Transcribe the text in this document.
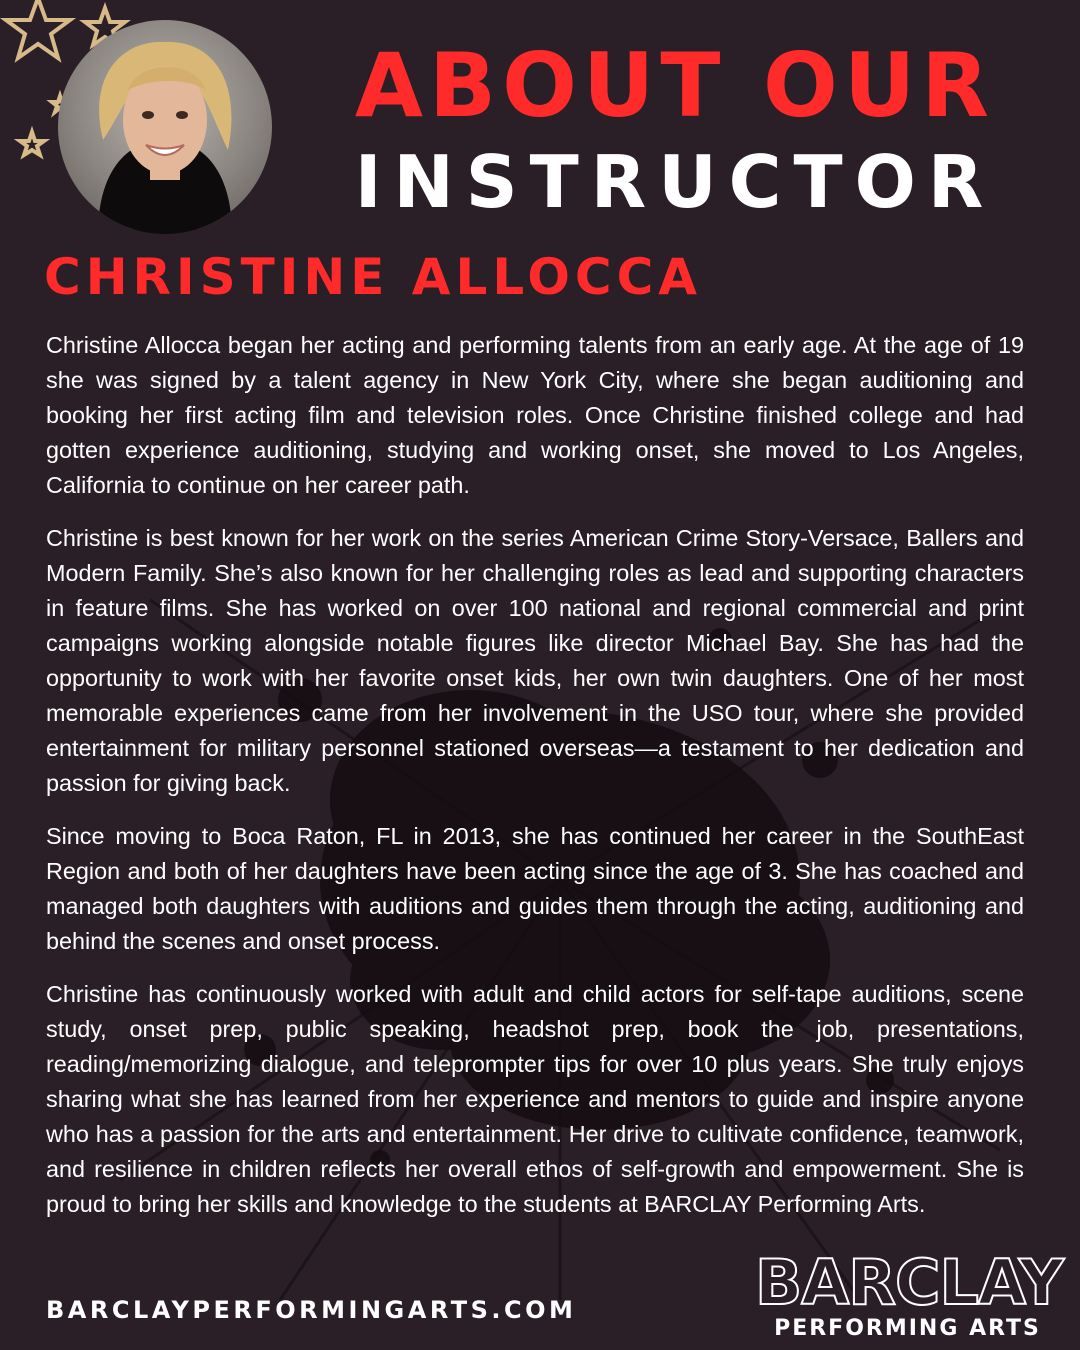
ABOUT OUR
INSTRUCTOR
CHRISTINE ALLOCCA

Christine Allocca began her acting and performing talents from an early age. At the age of 19 she was signed by a talent agency in New York City, where she began auditioning and booking her first acting film and television roles. Once Christine finished college and had gotten experience auditioning, studying and working onset, she moved to Los Angeles, California to continue on her career path.

Christine is best known for her work on the series American Crime Story-Versace, Ballers and Modern Family. She’s also known for her challenging roles as lead and supporting characters in feature films. She has worked on over 100 national and regional commercial and print campaigns working alongside notable figures like director Michael Bay. She has had the opportunity to work with her favorite onset kids, her own twin daughters. One of her most memorable experiences came from her involvement in the USO tour, where she provided entertainment for military personnel stationed overseas—a testament to her dedication and passion for giving back.

Since moving to Boca Raton, FL in 2013, she has continued her career in the SouthEast Region and both of her daughters have been acting since the age of 3. She has coached and managed both daughters with auditions and guides them through the acting, auditioning and behind the scenes and onset process.

Christine has continuously worked with adult and child actors for self-tape auditions, scene study, onset prep, public speaking, headshot prep, book the job, presentations, reading/memorizing dialogue, and teleprompter tips for over 10 plus years. She truly enjoys sharing what she has learned from her experience and mentors to guide and inspire anyone who has a passion for the arts and entertainment. Her drive to cultivate confidence, teamwork, and resilience in children reflects her overall ethos of self-growth and empowerment. She is proud to bring her skills and knowledge to the students at BARCLAY Performing Arts.

BARCLAYPERFORMINGARTS.COM	BARCLAY
PERFORMING ARTS
